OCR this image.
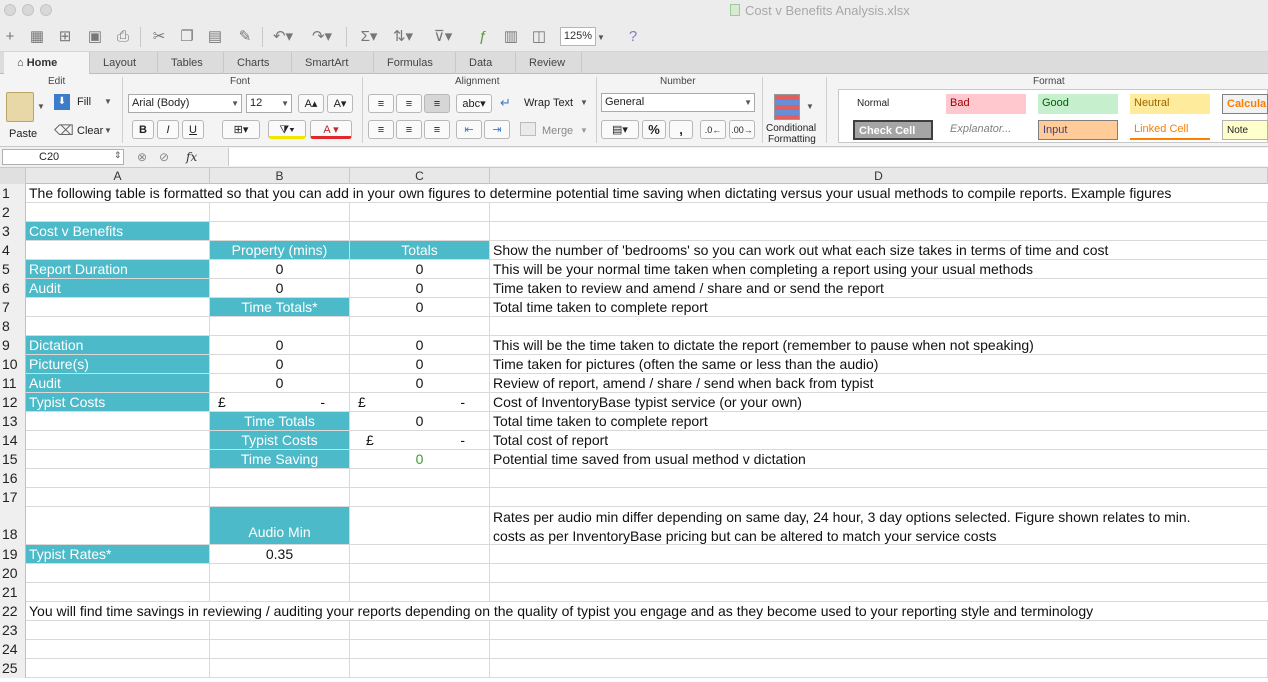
Cost v Benefits Analysis.xlsx
+ ▦ ⊞	▣ ⎙	✂ ❐ ▤	✎	↶▾	↷▾	Σ▾	⇅▾	⊽▾	ƒ	▥ ◫	125% ▼	?
⌂ Home	Layout	Tables	Charts	SmartArt	Formulas	Data	Review
Edit	Font	Alignment	Number	Format
▼
Paste
⬇ Fill ▼
⌫ Clear ▼
Arial (Body)	▼	12 ▼	A▴	A▾
B	I	U	⊞▾	⧩▾	A ▾
≡	≡	≡	abc▾	↵ Wrap Text ▼
≡	≡	≡	⇤	⇥	Merge ▼
General	▼
▤▾	%	,	.0←	.00→
▼
Conditional
Formatting
Normal	Bad	Good	Neutral	Calcula
Check Cell	Explanator...	Input	Linked Cell	Note
C20	⇕ ⊗ ⊘ fx
A	B	C	D
1
2
3
4
5
6
7
8
9
10
11
12
13
14
15
16
17
18
19
20
21
22
23
24
25
The following table is formatted so that you can add in your own figures to determine potential time saving when dictating versus your usual methods to compile reports. Example figures
Cost v Benefits
Property (mins)	Totals	Show the number of 'bedrooms' so you can work out what each size takes in terms of time and cost
Report Duration	0	0	This will be your normal time taken when completing a report using your usual methods
Audit	0	0	Time taken to review and amend / share and or send the report
Time Totals*	0	Total time taken to complete report
Dictation	0	0	This will be the time taken to dictate the report (remember to pause when not speaking)
Picture(s)	0	0	Time taken for pictures (often the same or less than the audio)
Audit	0	0	Review of report, amend / share / send when back from typist
Typist Costs	£	- £	- Cost of InventoryBase typist service (or your own)
Time Totals	0	Total time taken to complete report
Typist Costs	£	- Total cost of report
Time Saving	0	Potential time saved from usual method v dictation
Audio Min
Rates per audio min differ depending on same day, 24 hour, 3 day options selected. Figure shown relates to min.
costs as per InventoryBase pricing but can be altered to match your service costs
Typist Rates*	0.35
You will find time savings in reviewing / auditing your reports depending on the quality of typist you engage and as they become used to your reporting style and terminology
